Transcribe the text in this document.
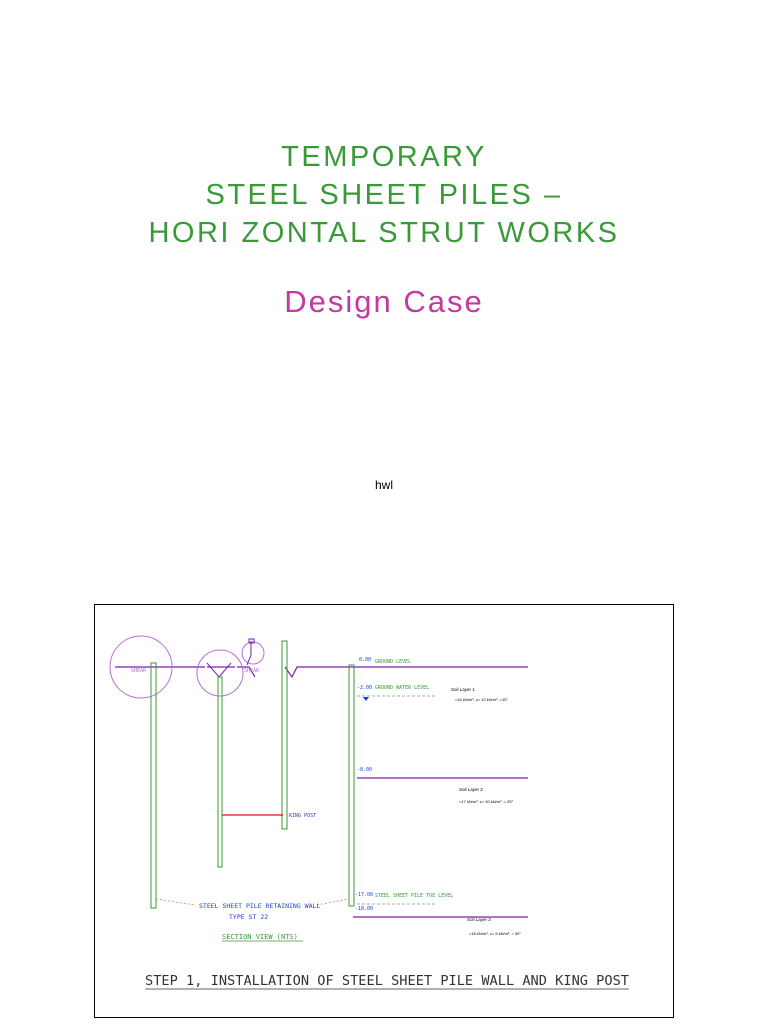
TEMPORARY
STEEL SHEET PILES –
HORI ZONTAL STRUT WORKS
Design Case
hwl
SHEAR	SHEAR
KING POST
0.00 GROUND LEVEL
-2.00 GROUND WATER LEVEL	Soil Layer 1
=16 kN/m³, c= 10 kN/m², =15°
-8.00
Soil Layer 2
=17 kN/m³, c= 30 kN/m², = 25°
-17.00 STEEL SHEET PILE TOE LEVEL
-18.00
Soil Layer 3
=18 kN/m³, c= 5 kN/m², = 30°
STEEL SHEET PILE RETAINING WALL
TYPE ST 22
SECTION VIEW (NTS)
STEP 1, INSTALLATION OF STEEL SHEET PILE WALL AND KING POST
